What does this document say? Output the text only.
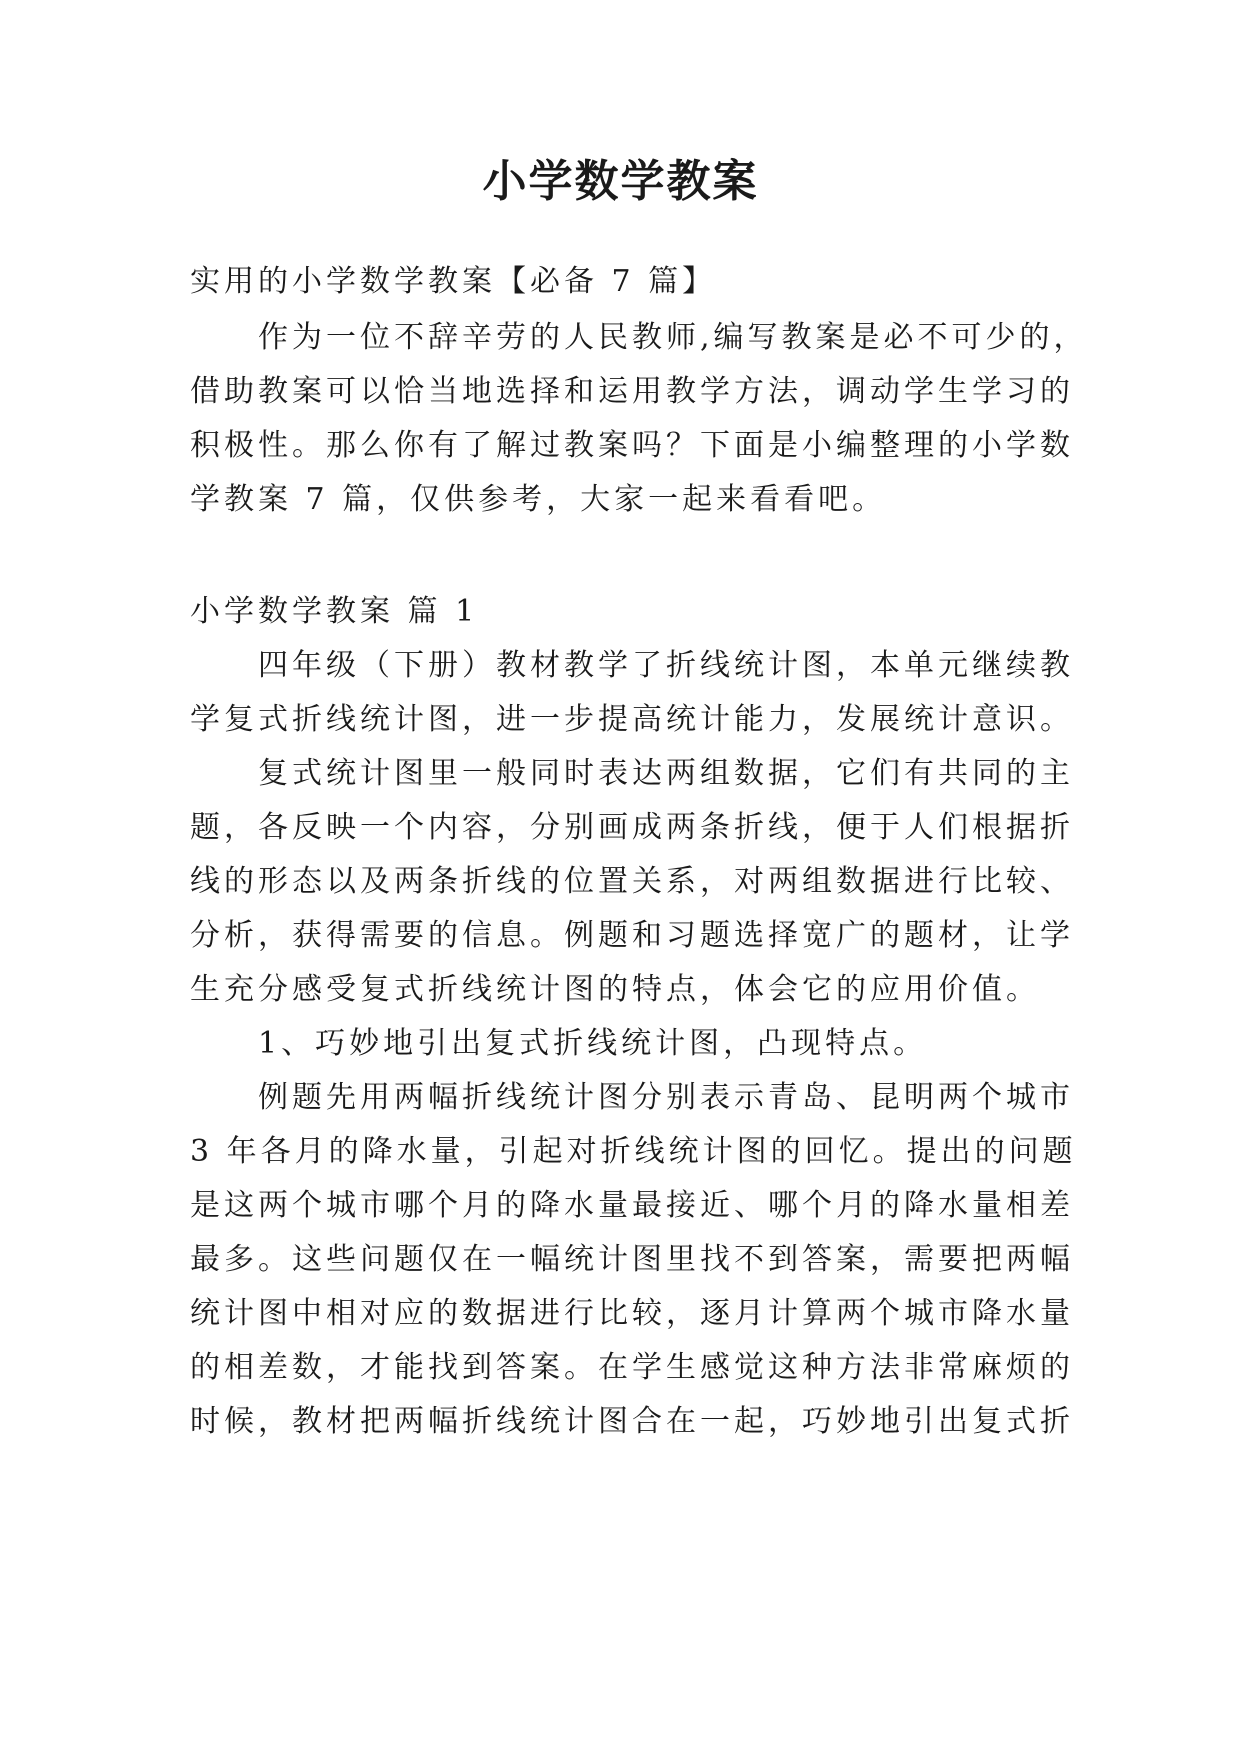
小学数学教案

实用的小学数学教案【必备 7 篇】

作为一位不辞辛劳的人民教师,编写教案是必不可少的，

借助教案可以恰当地选择和运用教学方法，调动学生学习的

积极性。那么你有了解过教案吗？下面是小编整理的小学数

学教案 7 篇，仅供参考，大家一起来看看吧。

小学数学教案 篇 1

四年级（下册）教材教学了折线统计图，本单元继续教

学复式折线统计图，进一步提高统计能力，发展统计意识。

复式统计图里一般同时表达两组数据，它们有共同的主

题，各反映一个内容，分别画成两条折线，便于人们根据折

线的形态以及两条折线的位置关系，对两组数据进行比较、

分析，获得需要的信息。例题和习题选择宽广的题材，让学

生充分感受复式折线统计图的特点，体会它的应用价值。

1、巧妙地引出复式折线统计图，凸现特点。

例题先用两幅折线统计图分别表示青岛、昆明两个城市

3 年各月的降水量，引起对折线统计图的回忆。提出的问题

是这两个城市哪个月的降水量最接近、哪个月的降水量相差

最多。这些问题仅在一幅统计图里找不到答案，需要把两幅

统计图中相对应的数据进行比较，逐月计算两个城市降水量

的相差数，才能找到答案。在学生感觉这种方法非常麻烦的

时候，教材把两幅折线统计图合在一起，巧妙地引出复式折
